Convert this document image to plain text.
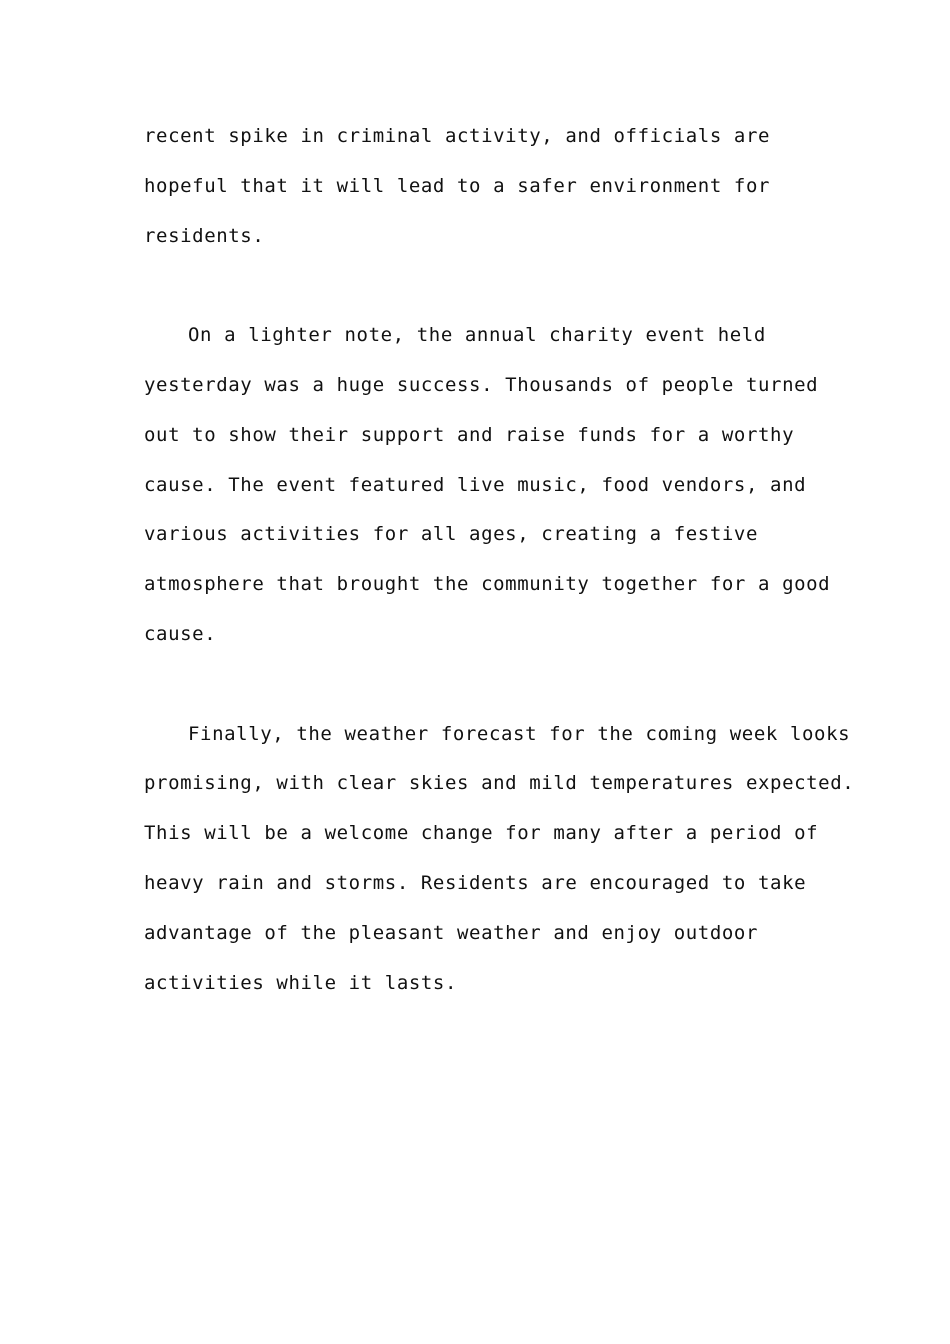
recent spike in criminal activity, and officials are
hopeful that it will lead to a safer environment for
residents.
On a lighter note, the annual charity event held
yesterday was a huge success. Thousands of people turned
out to show their support and raise funds for a worthy
cause. The event featured live music, food vendors, and
various activities for all ages, creating a festive
atmosphere that brought the community together for a good
cause.
Finally, the weather forecast for the coming week looks
promising, with clear skies and mild temperatures expected.
This will be a welcome change for many after a period of
heavy rain and storms. Residents are encouraged to take
advantage of the pleasant weather and enjoy outdoor
activities while it lasts.
